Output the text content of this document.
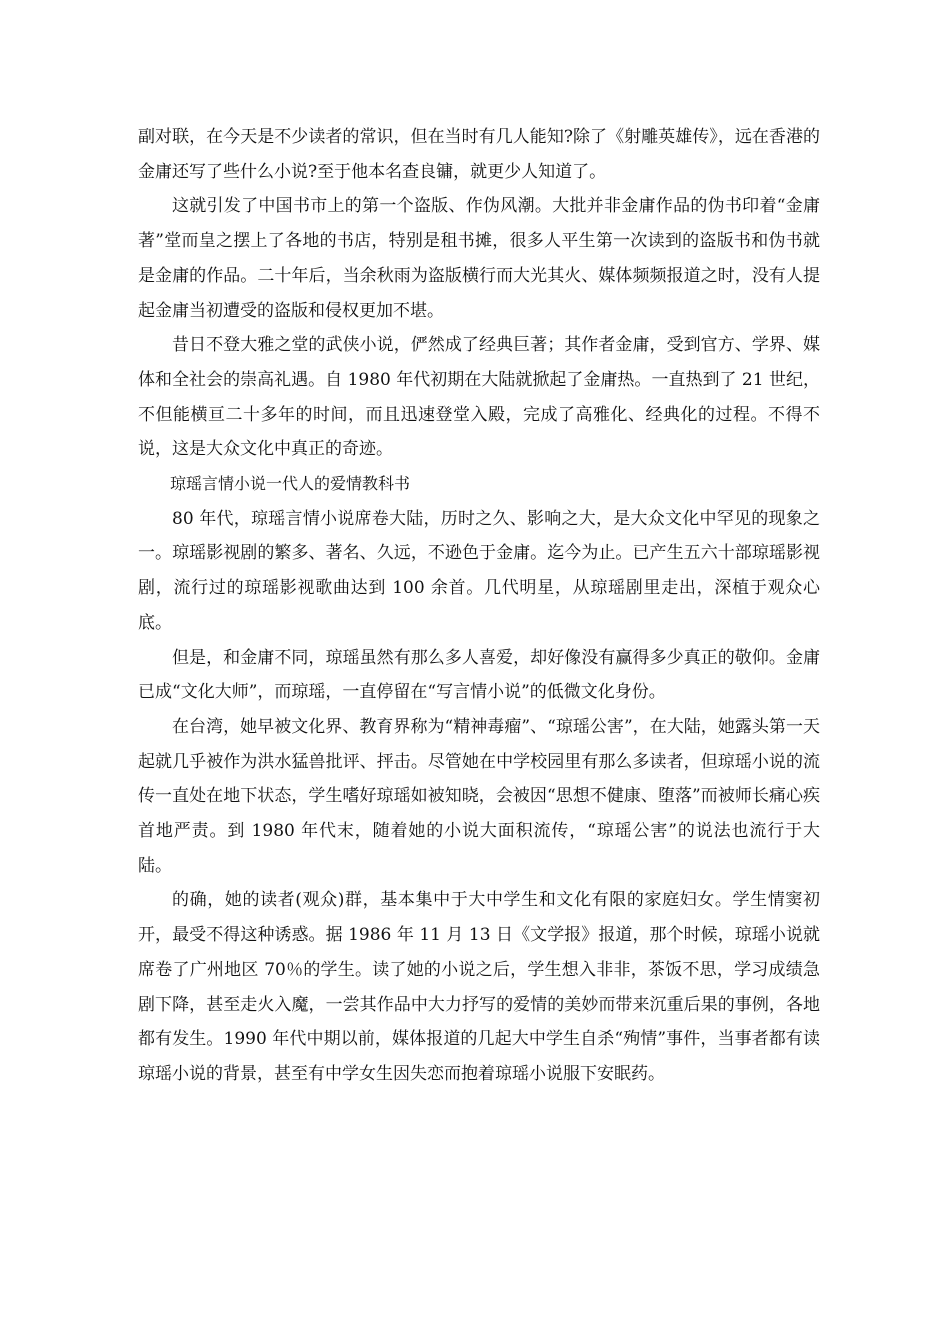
副对联，在今天是不少读者的常识，但在当时有几人能知?除了《射雕英雄传》，远在香港的金庸还写了些什么小说?至于他本名查良镛，就更少人知道了。

这就引发了中国书市上的第一个盗版、作伪风潮。大批并非金庸作品的伪书印着“金庸著”堂而皇之摆上了各地的书店，特别是租书摊，很多人平生第一次读到的盗版书和伪书就是金庸的作品。二十年后，当余秋雨为盗版横行而大光其火、媒体频频报道之时，没有人提起金庸当初遭受的盗版和侵权更加不堪。

昔日不登大雅之堂的武侠小说，俨然成了经典巨著；其作者金庸，受到官方、学界、媒体和全社会的崇高礼遇。自 1980 年代初期在大陆就掀起了金庸热。一直热到了 21 世纪，不但能横亘二十多年的时间，而且迅速登堂入殿，完成了高雅化、经典化的过程。不得不说，这是大众文化中真正的奇迹。

琼瑶言情小说一代人的爱情教科书

80 年代，琼瑶言情小说席卷大陆，历时之久、影响之大，是大众文化中罕见的现象之一。琼瑶影视剧的繁多、著名、久远，不逊色于金庸。迄今为止。已产生五六十部琼瑶影视剧，流行过的琼瑶影视歌曲达到 100 余首。几代明星，从琼瑶剧里走出，深植于观众心底。

但是，和金庸不同，琼瑶虽然有那么多人喜爱，却好像没有赢得多少真正的敬仰。金庸已成“文化大师”，而琼瑶，一直停留在“写言情小说”的低微文化身份。

在台湾，她早被文化界、教育界称为“精神毒瘤”、“琼瑶公害”，在大陆，她露头第一天起就几乎被作为洪水猛兽批评、抨击。尽管她在中学校园里有那么多读者，但琼瑶小说的流传一直处在地下状态，学生嗜好琼瑶如被知晓，会被因“思想不健康、堕落”而被师长痛心疾首地严责。到 1980 年代末，随着她的小说大面积流传，“琼瑶公害”的说法也流行于大陆。

的确，她的读者(观众)群，基本集中于大中学生和文化有限的家庭妇女。学生情窦初开，最受不得这种诱惑。据 1986 年 11 月 13 日《文学报》报道，那个时候，琼瑶小说就席卷了广州地区 70％的学生。读了她的小说之后，学生想入非非，茶饭不思，学习成绩急剧下降，甚至走火入魔，一尝其作品中大力抒写的爱情的美妙而带来沉重后果的事例，各地都有发生。1990 年代中期以前，媒体报道的几起大中学生自杀“殉情”事件，当事者都有读琼瑶小说的背景，甚至有中学女生因失恋而抱着琼瑶小说服下安眠药。
